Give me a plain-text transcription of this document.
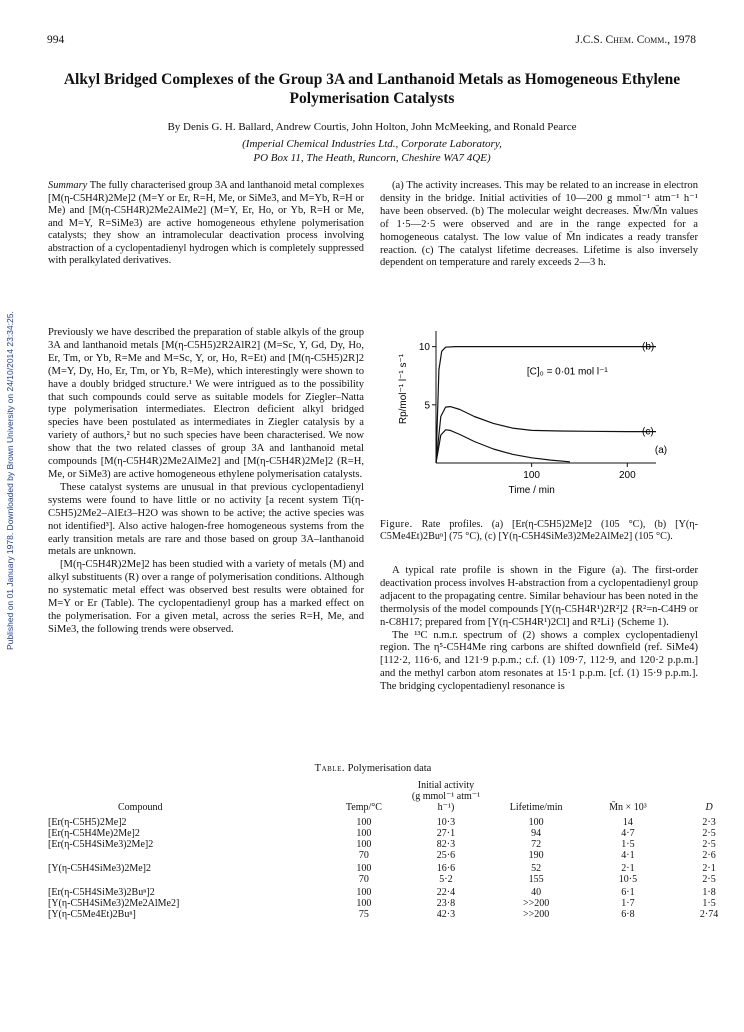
994	J.C.S. Chem. Comm., 1978
Alkyl Bridged Complexes of the Group 3A and Lanthanoid Metals as Homogeneous Ethylene Polymerisation Catalysts
By Denis G. H. Ballard, Andrew Courtis, John Holton, John McMeeking, and Ronald Pearce
(Imperial Chemical Industries Ltd., Corporate Laboratory,
PO Box 11, The Heath, Runcorn, Cheshire WA7 4QE)
Published on 01 January 1978. Downloaded by Brown University on 24/10/2014 23:34:25.
Summary The fully characterised group 3A and lanthanoid metal complexes [M(η-C5H4R)2Me]2 (M=Y or Er, R=H, Me, or SiMe3, and M=Yb, R=H or Me) and [M(η-C5H4R)2Me2AlMe2] (M=Y, Er, Ho, or Yb, R=H or Me, and M=Y, R=SiMe3) are active homogeneous ethylene polymerisation catalysts; they show an intramolecular deactivation process involving abstraction of a cyclopentadienyl hydrogen which is completely suppressed with peralkylated derivatives.

Previously we have described the preparation of stable alkyls of the group 3A and lanthanoid metals [M(η-C5H5)2R2AlR2] (M=Sc, Y, Gd, Dy, Ho, Er, Tm, or Yb, R=Me and M=Sc, Y, or, Ho, R=Et) and [M(η-C5H5)2R]2 (M=Y, Dy, Ho, Er, Tm, or Yb, R=Me), which interestingly were shown to have a doubly bridged structure.¹ We were intrigued as to the possibility that such compounds could serve as suitable models for Ziegler–Natta type polymerisation intermediates. Electron deficient alkyl bridged species have been postulated as intermediates in Ziegler catalysis by a variety of authors,² but no such species have been characterised. We now show that the two related classes of group 3A and lanthanoid metal compounds [M(η-C5H4R)2Me2AlMe2] and [M(η-C5H4R)2Me]2 (R=H, Me, or SiMe3) are active homogeneous ethylene polymerisation catalysts.

These catalyst systems are unusual in that previous cyclopentadienyl systems were found to have little or no activity [a recent system Ti(η-C5H5)2Me2–AlEt3–H2O was shown to be active; the active species was not identified³]. Also active halogen-free homogeneous systems from the early transition metals are rare and those based on group 3A–lanthanoid metals are unknown.

[M(η-C5H4R)2Me]2 has been studied with a variety of metals (M) and alkyl substituents (R) over a range of polymerisation conditions. Although no systematic metal effect was observed best results were obtained for M=Y or Er (Table). The cyclopentadienyl group has a marked effect on the polymerisation. For a given metal, across the series R=H, Me, and SiMe3, the following trends were observed.

(a) The activity increases. This may be related to an increase in electron density in the bridge. Initial activities of 10—200 g mmol⁻¹ atm⁻¹ h⁻¹ have been observed. (b) The molecular weight decreases. M̄w/M̄n values of 1·5—2·5 were observed and are in the range expected for a homogeneous catalyst. The low value of M̄n indicates a ready transfer reaction. (c) The catalyst lifetime decreases. Lifetime is also inversely dependent on temperature and rarely exceeds 2—3 h.
100	200
5
10	(b)
(c)
(a)
Rp/mol⁻¹ l⁻¹ s⁻¹
Time / min
[C]₀ = 0·01 mol l⁻¹
Figure. Rate profiles. (a) [Er(η-C5H5)2Me]2 (105 °C), (b) [Y(η-C5Me4Et)2Buⁿ] (75 °C), (c) [Y(η-C5H4SiMe3)2Me2AlMe2] (105 °C).

A typical rate profile is shown in the Figure (a). The first-order deactivation process involves H-abstraction from a cyclopentadienyl group adjacent to the propagating centre. Similar behaviour has been noted in the thermolysis of the model compounds [Y(η-C5H4R¹)2R²]2 {R²=n-C4H9 or n-C8H17; prepared from [Y(η-C5H4R¹)2Cl] and R²Li} (Scheme 1).

The ¹³C n.m.r. spectrum of (2) shows a complex cyclopentadienyl region. The η⁵-C5H4Me ring carbons are shifted downfield (ref. SiMe4) [112·2, 116·6, and 121·9 p.p.m.; c.f. (1) 109·7, 112·9, and 120·2 p.p.m.] and the methyl carbon atom resonates at 15·1 p.p.m. [cf. (1) 15·9 p.p.m.]. The bridging cyclopentadienyl resonance is

Table. Polymerisation data
Compound	Temp/°C	Initial activity
(g mmol⁻¹ atm⁻¹
h⁻¹)	Lifetime/min	M̄n × 10³	D

[Er(η-C5H5)2Me]2	100	10·3	100	14	2·3
[Er(η-C5H4Me)2Me]2	100	27·1	94	4·7	2·5
[Er(η-C5H4SiMe3)2Me]2	100	82·3	72	1·5	2·5
	70	25·6	190	4·1	2·6
[Y(η-C5H4SiMe3)2Me]2	100	16·6	52	2·1	2·1
	70	5·2	155	10·5	2·5
[Er(η-C5H4SiMe3)2Buⁿ]2	100	22·4	40	6·1	1·8
[Y(η-C5H4SiMe3)2Me2AlMe2]	100	23·8	>>200	1·7	1·5
[Y(η-C5Me4Et)2Buⁿ]	75	42·3	>>200	6·8	2·74
